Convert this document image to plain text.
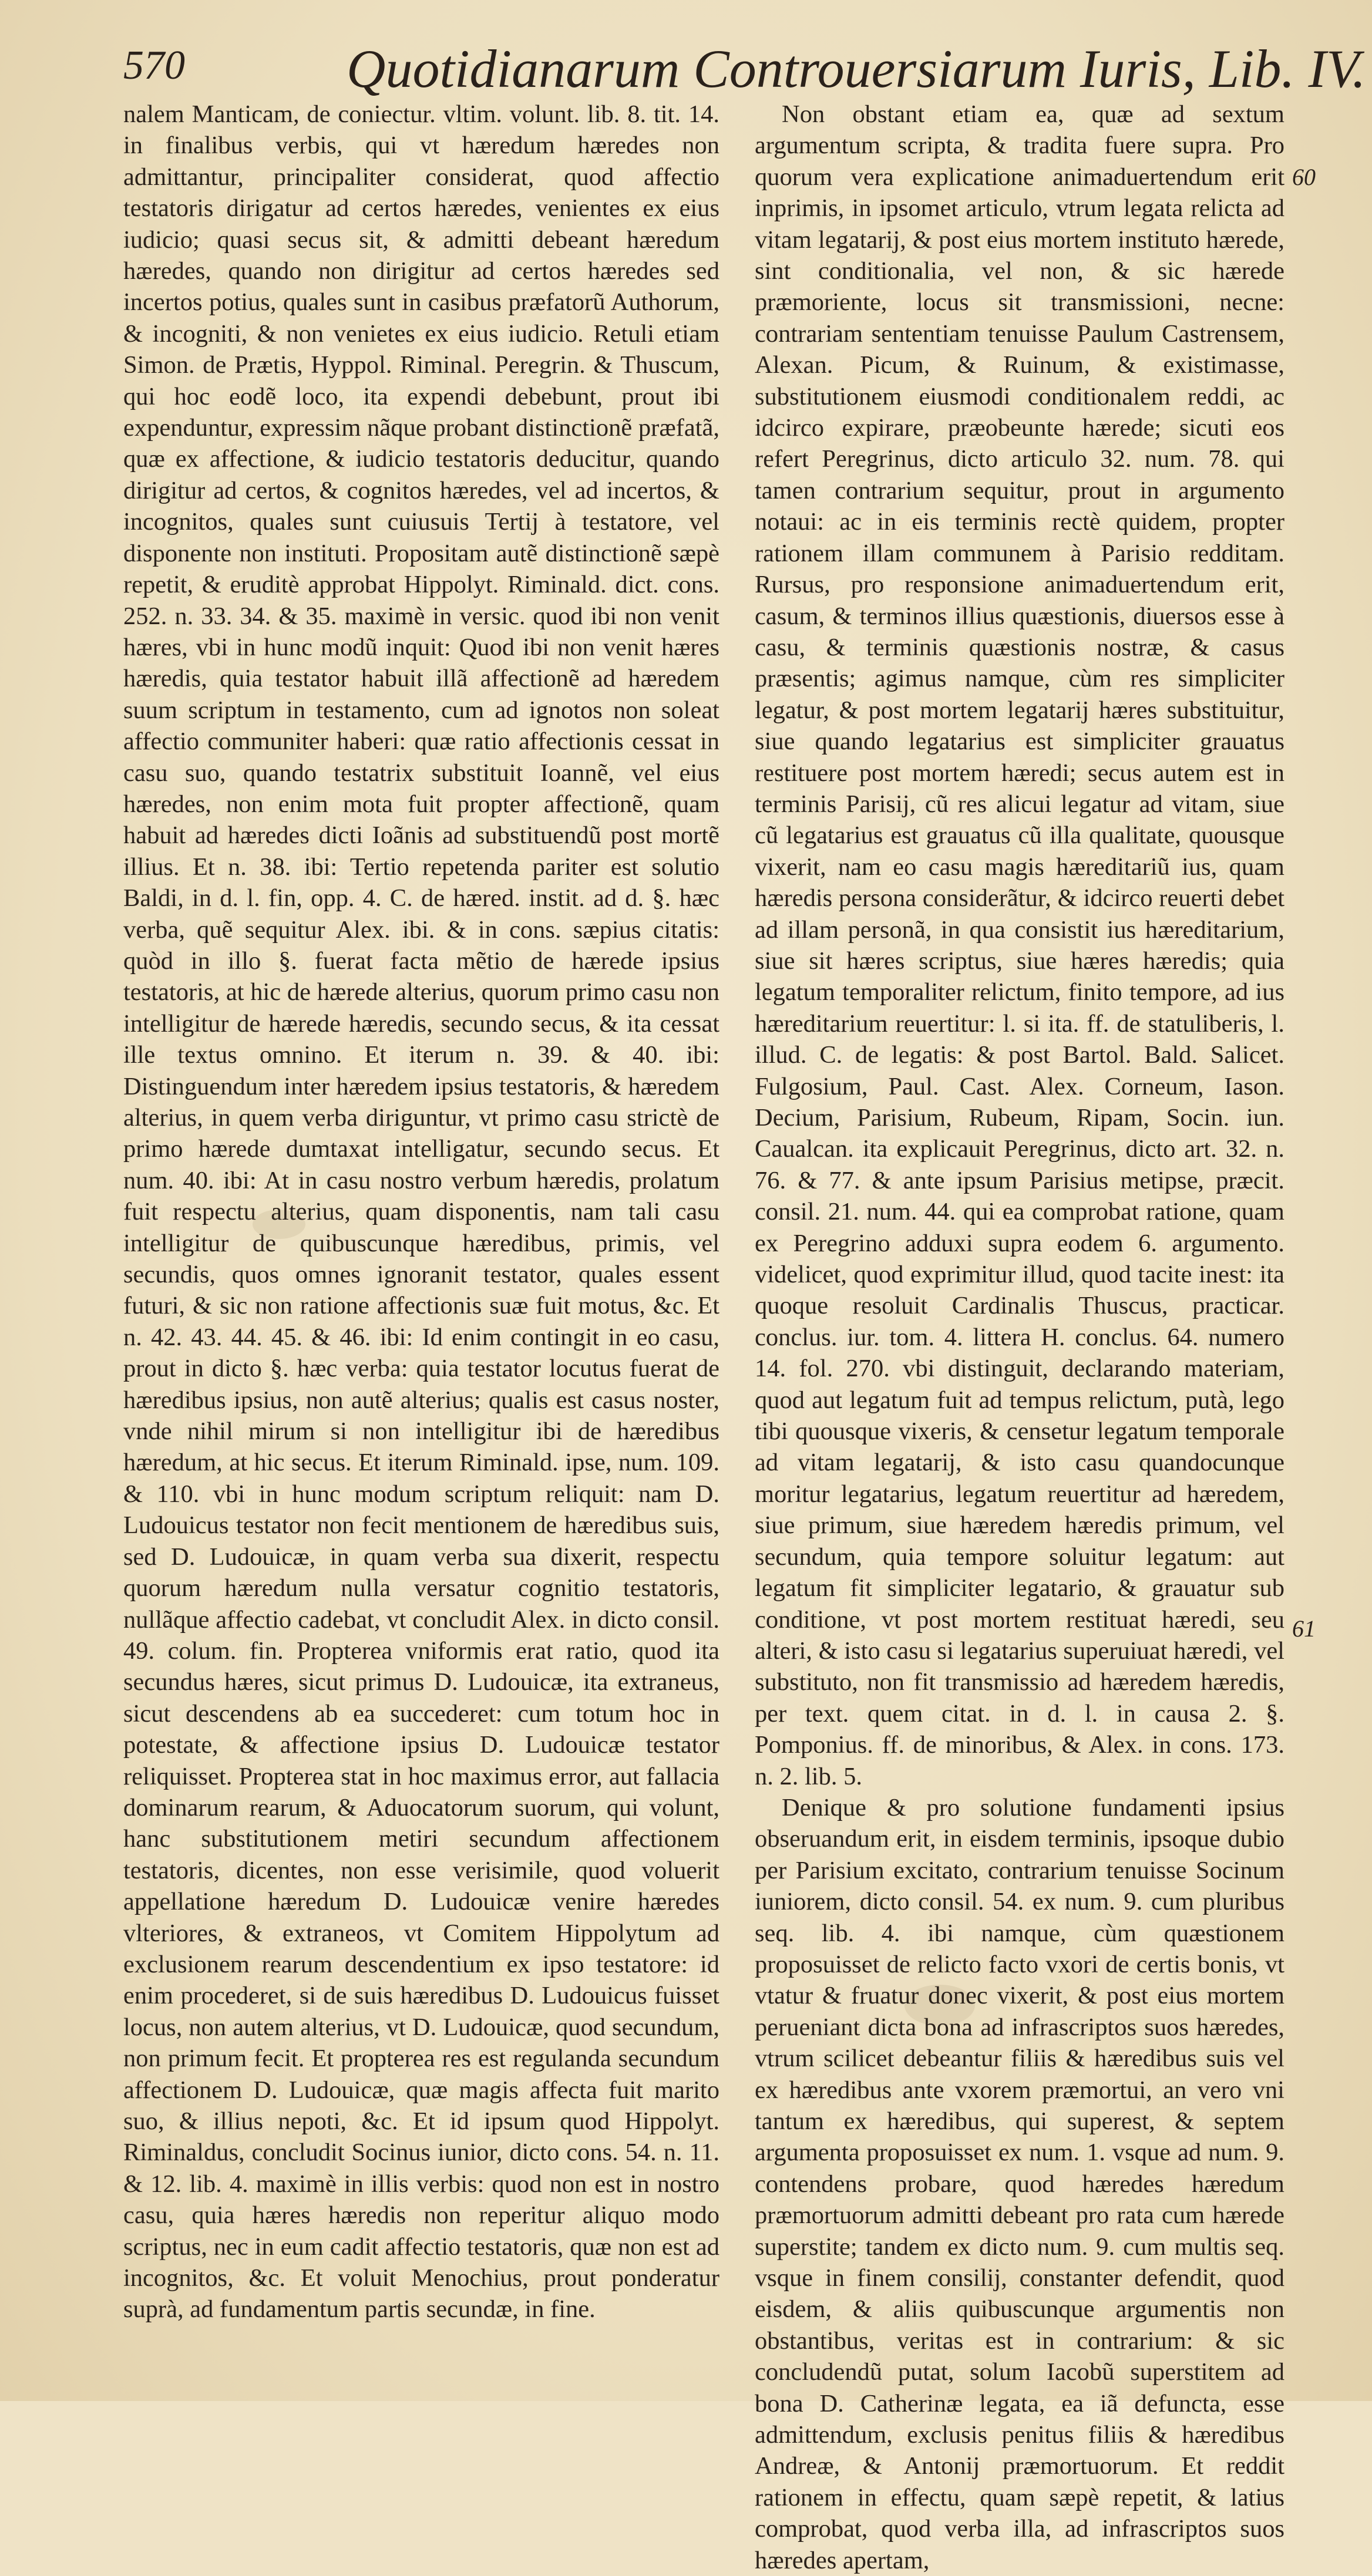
570	Quotidianarum Controuersiarum Iuris, Lib. IV.

nalem Manticam, de coniectur. vltim. volunt. lib. 8. tit. 14. in finalibus verbis, qui vt hæredum hæredes non admittantur, principaliter considerat, quod affectio testatoris dirigatur ad certos hæredes, venientes ex eius iudicio; quasi secus sit, & admitti debeant hæredum hæredes, quando non dirigitur ad certos hæredes sed incertos potius, quales sunt in casibus præfatorũ Authorum, & incogniti, & non venietes ex eius iudicio. Retuli etiam Simon. de Prætis, Hyppol. Riminal. Peregrin. & Thuscum, qui hoc eodẽ loco, ita expendi debebunt, prout ibi expenduntur, expressim nãque probant distinctionẽ præfatã, quæ ex affectione, & iudicio testatoris deducitur, quando dirigitur ad certos, & cognitos hæredes, vel ad incertos, & incognitos, quales sunt cuiusuis Tertij à testatore, vel disponente non instituti. Propositam autẽ distinctionẽ sæpè repetit, & eruditè approbat Hippolyt. Riminald. dict. cons. 252. n. 33. 34. & 35. maximè in versic. quod ibi non venit hæres, vbi in hunc modũ inquit: Quod ibi non venit hæres hæredis, quia testator habuit illã affectionẽ ad hæredem suum scriptum in testamento, cum ad ignotos non soleat affectio communiter haberi: quæ ratio affectionis cessat in casu suo, quando testatrix substituit Ioannẽ, vel eius hæredes, non enim mota fuit propter affectionẽ, quam habuit ad hæredes dicti Ioãnis ad substituendũ post mortẽ illius. Et n. 38. ibi: Tertio repetenda pariter est solutio Baldi, in d. l. fin, opp. 4. C. de hæred. instit. ad d. §. hæc verba, quẽ sequitur Alex. ibi. & in cons. sæpius citatis: quòd in illo §. fuerat facta mẽtio de hærede ipsius testatoris, at hic de hærede alterius, quorum primo casu non intelligitur de hærede hæredis, secundo secus, & ita cessat ille textus omnino. Et iterum n. 39. & 40. ibi: Distinguendum inter hæredem ipsius testatoris, & hæredem alterius, in quem verba diriguntur, vt primo casu strictè de primo hærede dumtaxat intelligatur, secundo secus. Et num. 40. ibi: At in casu nostro verbum hæredis, prolatum fuit respectu alterius, quam disponentis, nam tali casu intelligitur de quibuscunque hæredibus, primis, vel secundis, quos omnes ignoranit testator, quales essent futuri, & sic non ratione affectionis suæ fuit motus, &c. Et n. 42. 43. 44. 45. & 46. ibi: Id enim contingit in eo casu, prout in dicto §. hæc verba: quia testator locutus fuerat de hæredibus ipsius, non autẽ alterius; qualis est casus noster, vnde nihil mirum si non intelligitur ibi de hæredibus hæredum, at hic secus. Et iterum Riminald. ipse, num. 109. & 110. vbi in hunc modum scriptum reliquit: nam D. Ludouicus testator non fecit mentionem de hæredibus suis, sed D. Ludouicæ, in quam verba sua dixerit, respectu quorum hæredum nulla versatur cognitio testatoris, nullãque affectio cadebat, vt concludit Alex. in dicto consil. 49. colum. fin. Propterea vniformis erat ratio, quod ita secundus hæres, sicut primus D. Ludouicæ, ita extraneus, sicut descendens ab ea succederet: cum totum hoc in potestate, & affectione ipsius D. Ludouicæ testator reliquisset. Propterea stat in hoc maximus error, aut fallacia dominarum rearum, & Aduocatorum suorum, qui volunt, hanc substitutionem metiri secundum affectionem testatoris, dicentes, non esse verisimile, quod voluerit appellatione hæredum D. Ludouicæ venire hæredes vlteriores, & extraneos, vt Comitem Hippolytum ad exclusionem rearum descendentium ex ipso testatore: id enim procederet, si de suis hæredibus D. Ludouicus fuisset locus, non autem alterius, vt D. Ludouicæ, quod secundum, non primum fecit. Et propterea res est regulanda secundum affectionem D. Ludouicæ, quæ magis affecta fuit marito suo, & illius nepoti, &c. Et id ipsum quod Hippolyt. Riminaldus, concludit Socinus iunior, dicto cons. 54. n. 11. & 12. lib. 4. maximè in illis verbis: quod non est in nostro casu, quia hæres hæredis non reperitur aliquo modo scriptus, nec in eum cadit affectio testatoris, quæ non est ad incognitos, &c. Et voluit Menochius, prout ponderatur suprà, ad fundamentum partis secundæ, in fine.

Non obstant etiam ea, quæ ad sextum argumentum scripta, & tradita fuere supra. Pro quorum vera explicatione animaduertendum erit inprimis, in ipsomet articulo, vtrum legata relicta ad vitam legatarij, & post eius mortem instituto hærede, sint conditionalia, vel non, & sic hærede præmoriente, locus sit transmissioni, necne: contrariam sententiam tenuisse Paulum Castrensem, Alexan. Picum, & Ruinum, & existimasse, substitutionem eiusmodi conditionalem reddi, ac idcirco expirare, præobeunte hærede; sicuti eos refert Peregrinus, dicto articulo 32. num. 78. qui tamen contrarium sequitur, prout in argumento notaui: ac in eis terminis rectè quidem, propter rationem illam communem à Parisio redditam. Rursus, pro responsione animaduertendum erit, casum, & terminos illius quæstionis, diuersos esse à casu, & terminis quæstionis nostræ, & casus præsentis; agimus namque, cùm res simpliciter legatur, & post mortem legatarij hæres substituitur, siue quando legatarius est simpliciter grauatus restituere post mortem hæredi; secus autem est in terminis Parisij, cũ res alicui legatur ad vitam, siue cũ legatarius est grauatus cũ illa qualitate, quousque vixerit, nam eo casu magis hæreditariũ ius, quam hæredis persona considerãtur, & idcirco reuerti debet ad illam personã, in qua consistit ius hæreditarium, siue sit hæres scriptus, siue hæres hæredis; quia legatum temporaliter relictum, finito tempore, ad ius hæreditarium reuertitur: l. si ita. ff. de statuliberis, l. illud. C. de legatis: & post Bartol. Bald. Salicet. Fulgosium, Paul. Cast. Alex. Corneum, Iason. Decium, Parisium, Rubeum, Ripam, Socin. iun. Caualcan. ita explicauit Peregrinus, dicto art. 32. n. 76. & 77. & ante ipsum Parisius metipse, præcit. consil. 21. num. 44. qui ea comprobat ratione, quam ex Peregrino adduxi supra eodem 6. argumento. videlicet, quod exprimitur illud, quod tacite inest: ita quoque resoluit Cardinalis Thuscus, practicar. conclus. iur. tom. 4. littera H. conclus. 64. numero 14. fol. 270. vbi distinguit, declarando materiam, quod aut legatum fuit ad tempus relictum, putà, lego tibi quousque vixeris, & censetur legatum temporale ad vitam legatarij, & isto casu quandocunque moritur legatarius, legatum reuertitur ad hæredem, siue primum, siue hæredem hæredis primum, vel secundum, quia tempore soluitur legatum: aut legatum fit simpliciter legatario, & grauatur sub conditione, vt post mortem restituat hæredi, seu alteri, & isto casu si legatarius superuiuat hæredi, vel substituto, non fit transmissio ad hæredem hæredis, per text. quem citat. in d. l. in causa 2. §. Pomponius. ff. de minoribus, & Alex. in cons. 173. n. 2. lib. 5.

Denique & pro solutione fundamenti ipsius obseruandum erit, in eisdem terminis, ipsoque dubio per Parisium excitato, contrarium tenuisse Socinum iuniorem, dicto consil. 54. ex num. 9. cum pluribus seq. lib. 4. ibi namque, cùm quæstionem proposuisset de relicto facto vxori de certis bonis, vt vtatur & fruatur donec vixerit, & post eius mortem perueniant dicta bona ad infrascriptos suos hæredes, vtrum scilicet debeantur filiis & hæredibus suis vel ex hæredibus ante vxorem præmortui, an vero vni tantum ex hæredibus, qui superest, & septem argumenta proposuisset ex num. 1. vsque ad num. 9. contendens probare, quod hæredes hæredum præmortuorum admitti debeant pro rata cum hærede superstite; tandem ex dicto num. 9. cum multis seq. vsque in finem consilij, constanter defendit, quod eisdem, & aliis quibuscunque argumentis non obstantibus, veritas est in contrarium: & sic concludendũ putat, solum Iacobũ superstitem ad bona D. Catherinæ legata, ea iã defuncta, esse admittendum, exclusis penitus filiis & hæredibus Andreæ, & Antonij præmortuorum. Et reddit rationem in effectu, quam sæpè repetit, & latius comprobat, quod verba illa, ad infrascriptos suos hæredes apertam,

60
61
